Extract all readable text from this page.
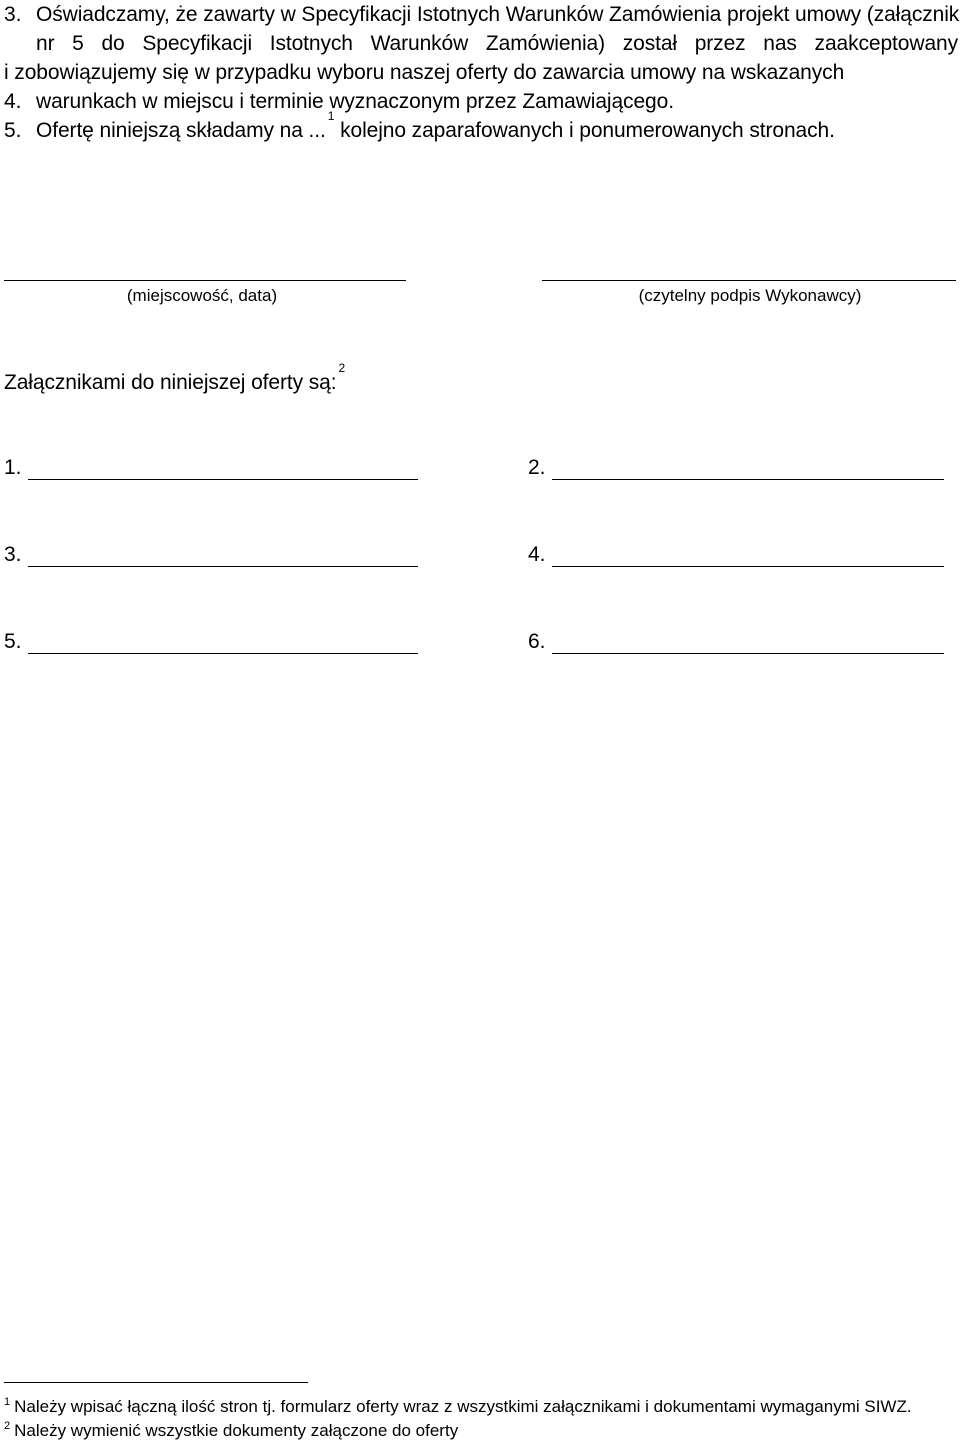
3. Oświadczamy, że zawarty w Specyfikacji Istotnych Warunków Zamówienia projekt umowy (załącznik
nr 5 do Specyfikacji Istotnych Warunków Zamówienia) został przez nas zaakceptowany
i zobowiązujemy się w przypadku wyboru naszej oferty do zawarcia umowy na wskazanych
4. warunkach w miejscu i terminie wyznaczonym przez Zamawiającego.
5. Ofertę niniejszą składamy na ...$^1$ kolejno zaparafowanych i ponumerowanych stronach.
(miejscowość, data)	(czytelny podpis Wykonawcy)
Załącznikami do niniejszej oferty są:$^2$
1.	2.
3.	4.
5.	6.
$^1$ Należy wpisać łączną ilość stron tj. formularz oferty wraz z wszystkimi załącznikami i dokumentami wymaganymi SIWZ.
$^2$ Należy wymienić wszystkie dokumenty załączone do oferty
